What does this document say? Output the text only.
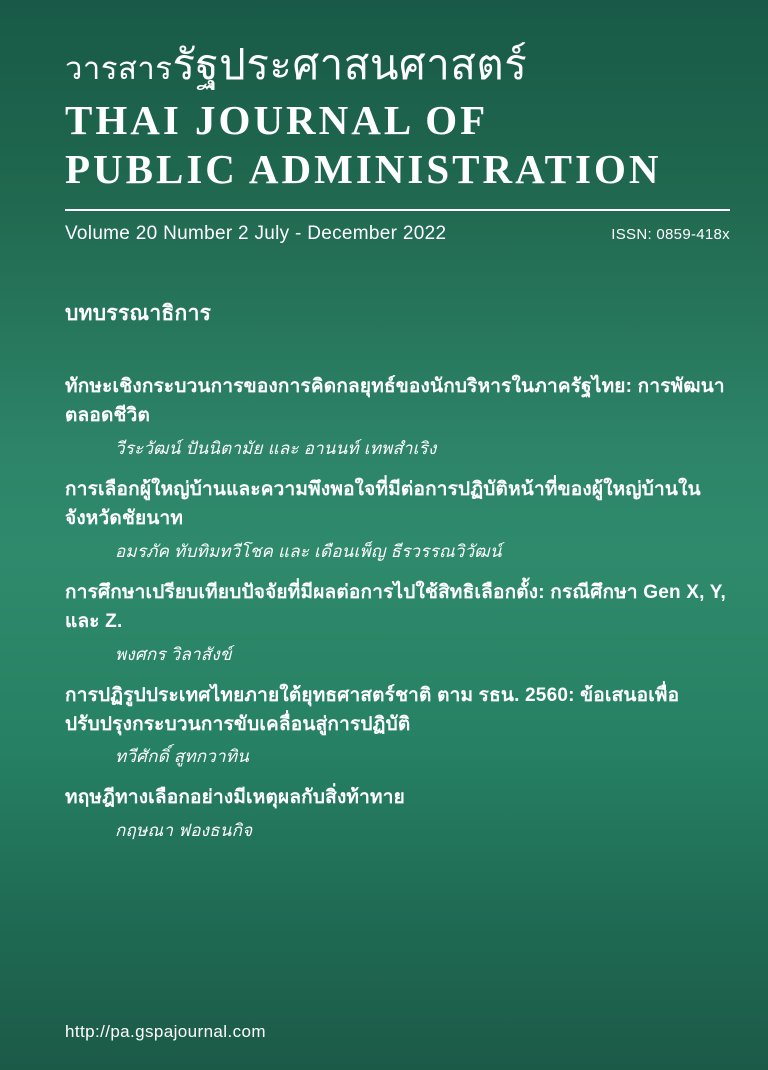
วารสารรัฐประศาสนศาสตร์
THAI JOURNAL OF
PUBLIC ADMINISTRATION
Volume 20 Number 2 July - December 2022	ISSN: 0859-418x
บทบรรณาธิการ
ทักษะเชิงกระบวนการของการคิดกลยุทธ์ของนักบริหารในภาครัฐไทย: การพัฒนาตลอดชีวิต
วีระวัฒน์ ปันนิตามัย และ อานนท์ เทพสำเริง
การเลือกผู้ใหญ่บ้านและความพึงพอใจที่มีต่อการปฏิบัติหน้าที่ของผู้ใหญ่บ้านในจังหวัดชัยนาท
อมรภัค ทับทิมทวีโชค และ เดือนเพ็ญ ธีรวรรณวิวัฒน์
การศึกษาเปรียบเทียบปัจจัยที่มีผลต่อการไปใช้สิทธิเลือกตั้ง: กรณีศึกษา Gen X, Y, และ Z.
พงศกร วิลาสังข์
การปฏิรูปประเทศไทยภายใต้ยุทธศาสตร์ชาติ ตาม รธน. 2560: ข้อเสนอเพื่อปรับปรุงกระบวนการขับเคลื่อนสู่การปฏิบัติ
ทวีศักดิ์ สูทกวาทิน
ทฤษฎีทางเลือกอย่างมีเหตุผลกับสิ่งท้าทาย
กฤษณา ฟองธนกิจ
http://pa.gspajournal.com
